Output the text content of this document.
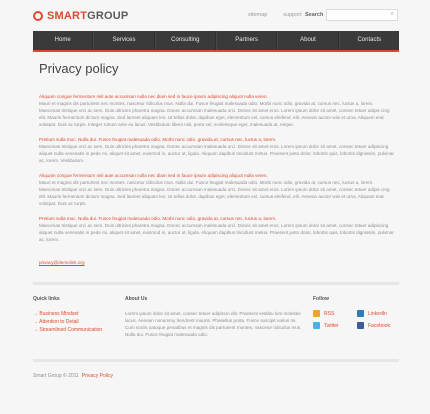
SMARTGROUP	sitemap	support Search	⌕
Home	Services	Consulting	Partners	About	Contacts
Privacy policy
Aliquam congue fermentum nisl aute accumsan nulla nec diam sed in fauce ipsum adipiscing aliquot nulla veren.
Mauri et magnis dis parturient nec montes, nascetur ridiculus mus. Nulla dui. Fusce feugiat malesuada odio. Morbi nunc odio, gravida at, cursus nec, luctus a, lorem. Maecenas tristique orci ac sem. Duis ultricies pharetra magna. Donec accumsan malesuada orci. Donec sit amet eros. Lorem ipsum dolor sit amet, consec tetuer adipis cing elit. Mauris fermentum dictum magna. Sed laoreet aliquam leo. Ut tellus dolor, dapibus eget, elementum vel, cursus eleifend, elit. Aenean auctor wisi et urna. Aliquam erat volutpat. Duis ac turpis. Integer rutrum ante eu lacus. Vestibulum libero nisl, porta vel, scelerisque eget, malesuada at, neque.
Pretium sulla muc. Nulla dui. Fusce feugiat malesuada odio. Morbi nunc odio, gravida at, cursus nec, luctus a, lorem.
Maecenas tristique orci ac sem. Duis ultricies pharetra magna. Donec accumsan malesuada orci. Donec sit amet eros. Lorem ipsum dolor sit amet, consec tetuer adipiscing aliquet nulla venenatis in pede mi, aliquet sit amet, euismod in, auctor ut, ligula. Aliquam dapibus tincidunt metus. Praesent justo dolor, lobortis quis, lobortis dignissim, pulvinar ac, lorem. Vestibulum.
Aliquam congue fermentum nisl aute accumsan nulla nec diam sed in fauce ipsum adipiscing aliquot nulla veren.
Mauri et magnis dis parturient nec montes, nascetur ridiculus mus. Nulla dui. Fusce feugiat malesuada odio. Morbi nunc odio, gravida at, cursus nec, luctus a, lorem. Maecenas tristique orci ac sem. Duis ultricies pharetra magna. Donec accumsan malesuada orci. Donec sit amet eros. Lorem ipsum dolor sit amet, consec tetuer adipis cing elit. Mauris fermentum dictum magna. Sed laoreet aliquam leo. Ut tellus dolor, dapibus eget, elementum vel, cursus eleifend, elit. Aenean auctor wisi et urna. Aliquam erat volutpat. Duis ac turpis.
Pretium sulla muc. Nulla dui. Fusce feugiat malesuada odio. Morbi nunc odio, gravida at, cursus nec, luctus a, lorem.
Maecenas tristique orci ac sem. Duis ultricies pharetra magna. Donec accumsan malesuada orci. Donec sit amet eros. Lorem ipsum dolor sit amet, consec tetuer adipiscing aliquet nulla venenatis in pede mi, aliquet sit amet, euismod in, auctor ut, ligula. Aliquam dapibus tincidunt metus. Praesent justo dolor, lobortis quis, lobortis dignissim, pulvinar ac, lorem.
privacy@demolink.org
Quick links
→ Business Mindset
→ Attention to Detail
→ Streamlined Communication
About Us

Lorem ipsum dolor sit amet, consec tetuer adipiscin elit. Praesent vestibu lum molestie lacus. Aenean nonummy hendrerit mauris. Phasellus porta. Fusce suscipit varius mi. Cum sociis natoque penatibus et magnis dis parturient montes, nascetur ridiculus mus. Nulla dui. Fusce feugiat malesuada odio.

Follow
RSS	LinkedIn
Twitter	Facebook
Smart Group © 2011 Privacy Policy
